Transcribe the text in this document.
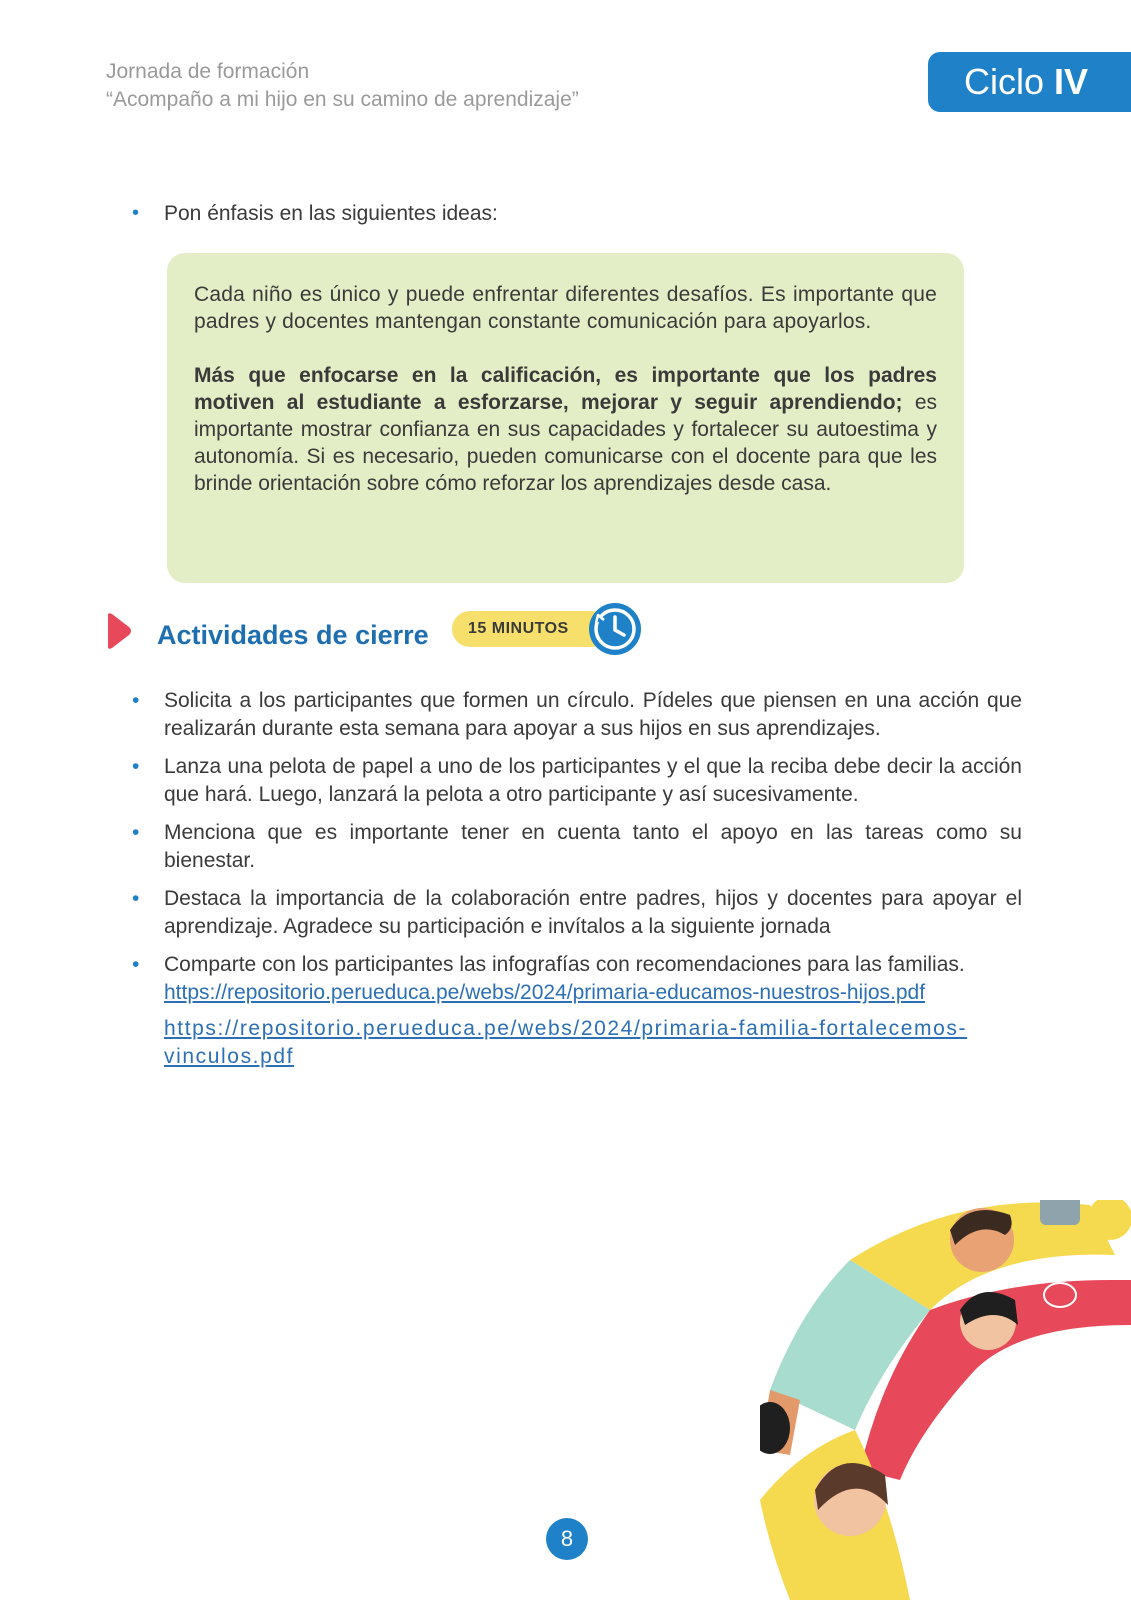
Jornada de formación
“Acompaño a mi hijo en su camino de aprendizaje”	Ciclo IV
• Pon énfasis en las siguientes ideas:

Cada niño es único y puede enfrentar diferentes desafíos. Es importante que padres y docentes mantengan constante comunicación para apoyarlos.

Más que enfocarse en la calificación, es importante que los padres motiven al estudiante a esforzarse, mejorar y seguir aprendiendo; es importante mostrar confianza en sus capacidades y fortalecer su autoestima y autonomía. Si es necesario, pueden comunicarse con el docente para que les brinde orientación sobre cómo reforzar los aprendizajes desde casa.

Actividades de cierre	15 MINUTOS
• Solicita a los participantes que formen un círculo. Pídeles que piensen en una acción que realizarán durante esta semana para apoyar a sus hijos en sus aprendizajes.
• Lanza una pelota de papel a uno de los participantes y el que la reciba debe decir la acción que hará. Luego, lanzará la pelota a otro participante y así sucesivamente.
• Menciona que es importante tener en cuenta tanto el apoyo en las tareas como su bienestar.
• Destaca la importancia de la colaboración entre padres, hijos y docentes para apoyar el aprendizaje. Agradece su participación e invítalos a la siguiente jornada
• Comparte con los participantes las infografías con recomendaciones para las familias.
https://repositorio.perueduca.pe/webs/2024/primaria-educamos-nuestros-hijos.pdf
https://repositorio.perueduca.pe/webs/2024/primaria-familia-fortalecemos-vinculos.pdf
8
